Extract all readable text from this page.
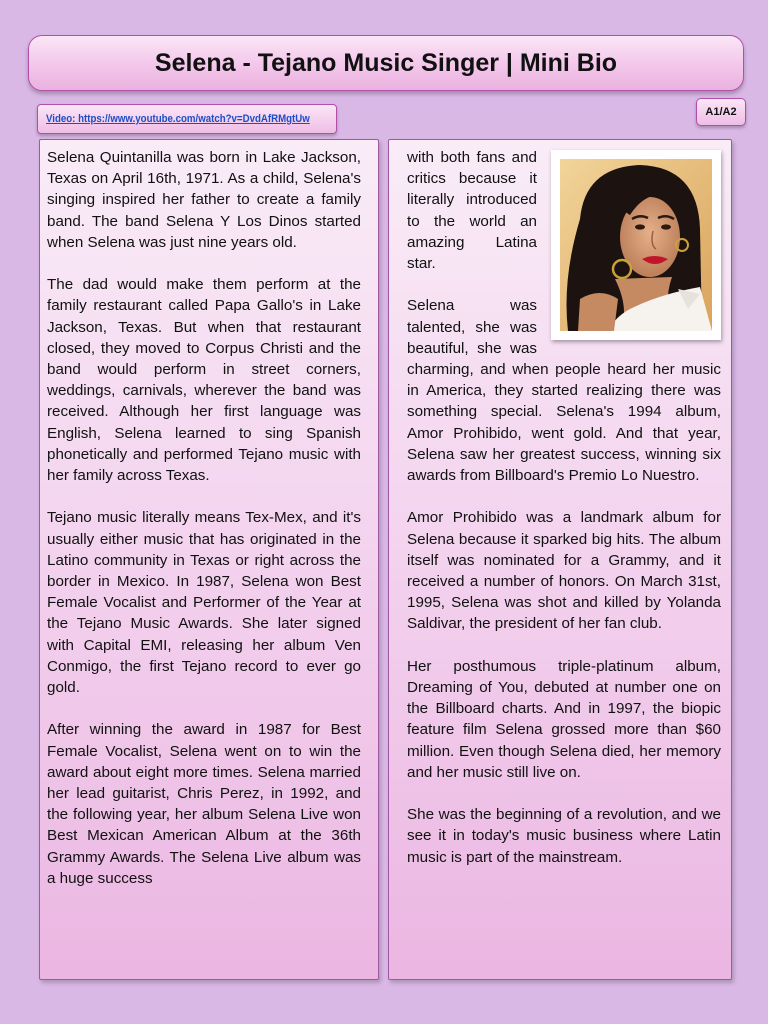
Selena - Tejano Music Singer | Mini Bio
Video: https://www.youtube.com/watch?v=DvdAfRMgtUw
A1/A2

Selena Quintanilla was born in Lake Jackson, Texas on April 16th, 1971. As a child, Selena's singing inspired her father to create a family band. The band Selena Y Los Dinos started when Selena was just nine years old.

The dad would make them perform at the family restaurant called Papa Gallo's in Lake Jackson, Texas. But when that restaurant closed, they moved to Corpus Christi and the band would perform in street corners, weddings, carnivals, wherever the band was received. Although her first language was English, Selena learned to sing Spanish phonetically and performed Tejano music with her family across Texas.

Tejano music literally means Tex-Mex, and it's usually either music that has originated in the Latino community in Texas or right across the border in Mexico. In 1987, Selena won Best Female Vocalist and Performer of the Year at the Tejano Music Awards. She later signed with Capital EMI, releasing her album Ven Conmigo, the first Tejano record to ever go gold.

After winning the award in 1987 for Best Female Vocalist, Selena went on to win the award about eight more times. Selena married her lead guitarist, Chris Perez, in 1992, and the following year, her album Selena Live won Best Mexican American Album at the 36th Grammy Awards. The Selena Live album was a huge success

with both fans and critics because it literally introduced to the world an amazing Latina star.

Selena was talented, she was beautiful, she was charming, and when people heard her music in America, they started realizing there was something special. Selena's 1994 album, Amor Prohibido, went gold. And that year, Selena saw her greatest success, winning six awards from Billboard's Premio Lo Nuestro.

Amor Prohibido was a landmark album for Selena because it sparked big hits. The album itself was nominated for a Grammy, and it received a number of honors. On March 31st, 1995, Selena was shot and killed by Yolanda Saldivar, the president of her fan club.

Her posthumous triple-platinum album, Dreaming of You, debuted at number one on the Billboard charts. And in 1997, the biopic feature film Selena grossed more than $60 million. Even though Selena died, her memory and her music still live on.

She was the beginning of a revolution, and we see it in today's music business where Latin music is part of the mainstream.
